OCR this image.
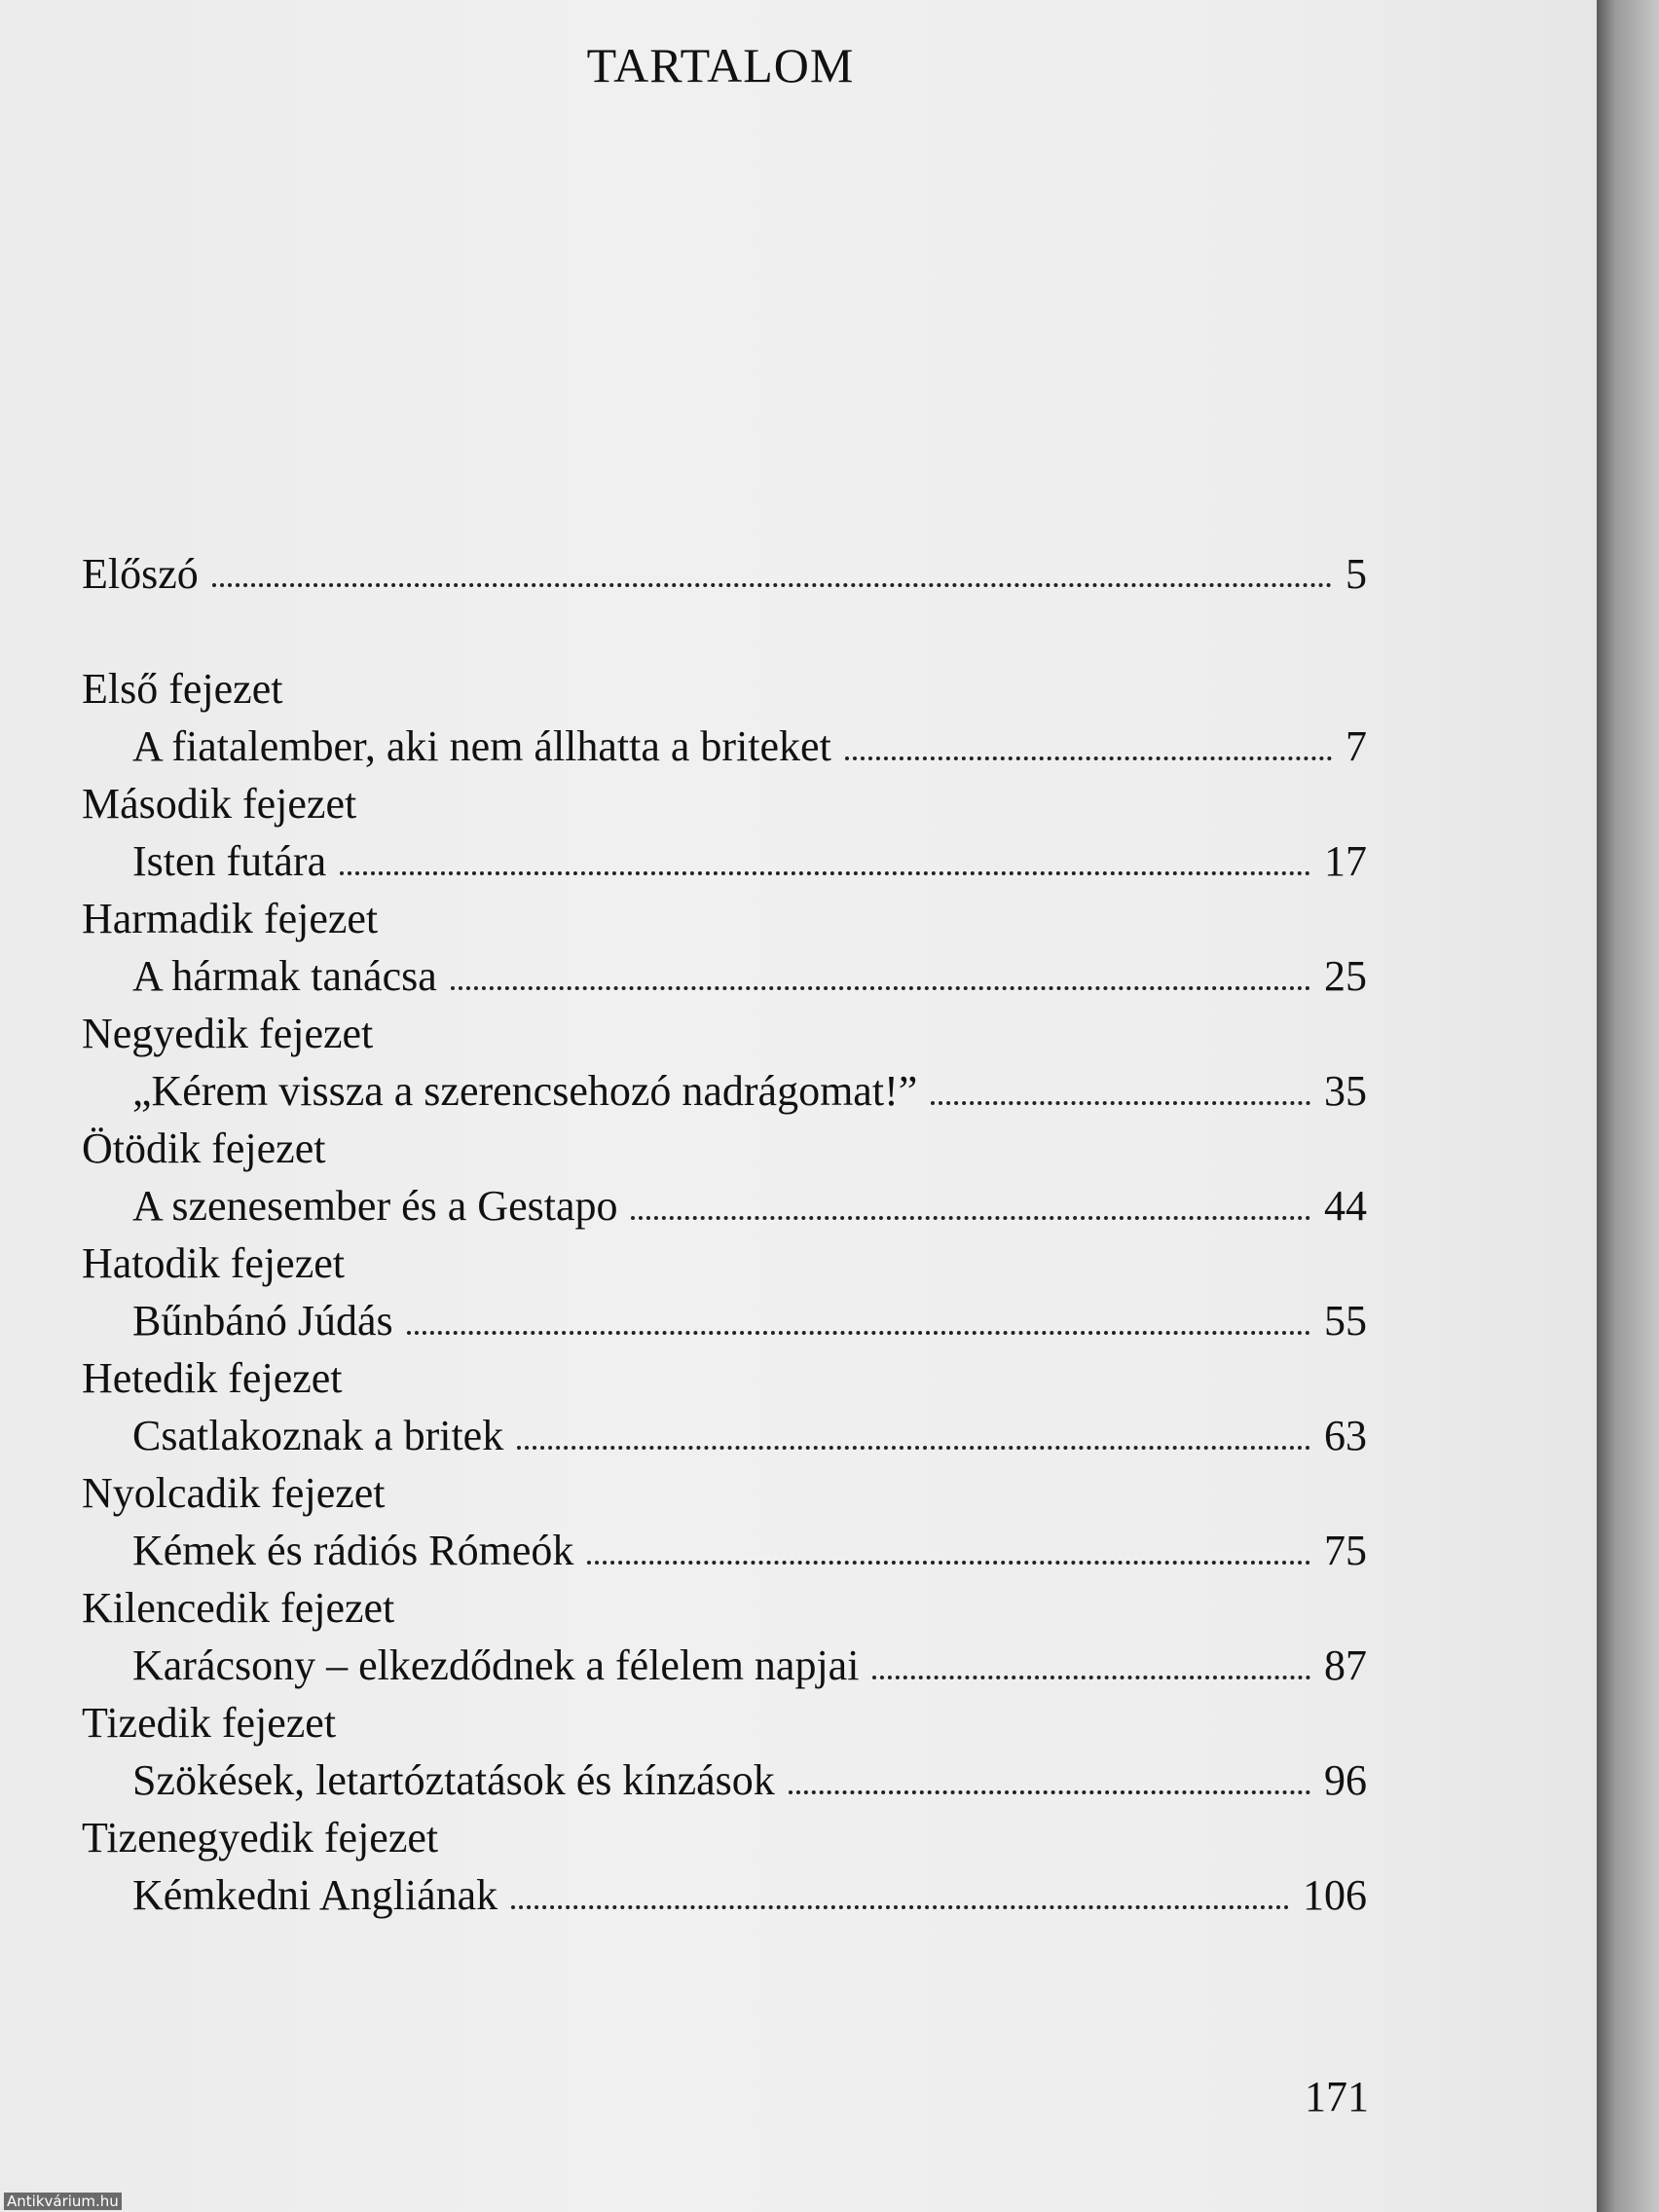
TARTALOM
Előszó	5
Első fejezet
A fiatalember, aki nem állhatta a britеket	7
Második fejezet
Isten futára	17
Harmadik fejezet
A hármak tanácsa	25
Negyedik fejezet
„Kérem vissza a szerencsehozó nadrágomat!”	35
Ötödik fejezet
A szenesember és a Gestapo	44
Hatodik fejezet
Bűnbánó Júdás	55
Hetedik fejezet
Csatlakoznak a britek	63
Nyolcadik fejezet
Kémek és rádiós Rómeók	75
Kilencedik fejezet
Karácsony – elkezdődnek a félelem napjai	87
Tizedik fejezet
Szökések, letartóztatások és kínzások	96
Tizenegyedik fejezet
Kémkedni Angliának	106
171
Antikvárium.hu
